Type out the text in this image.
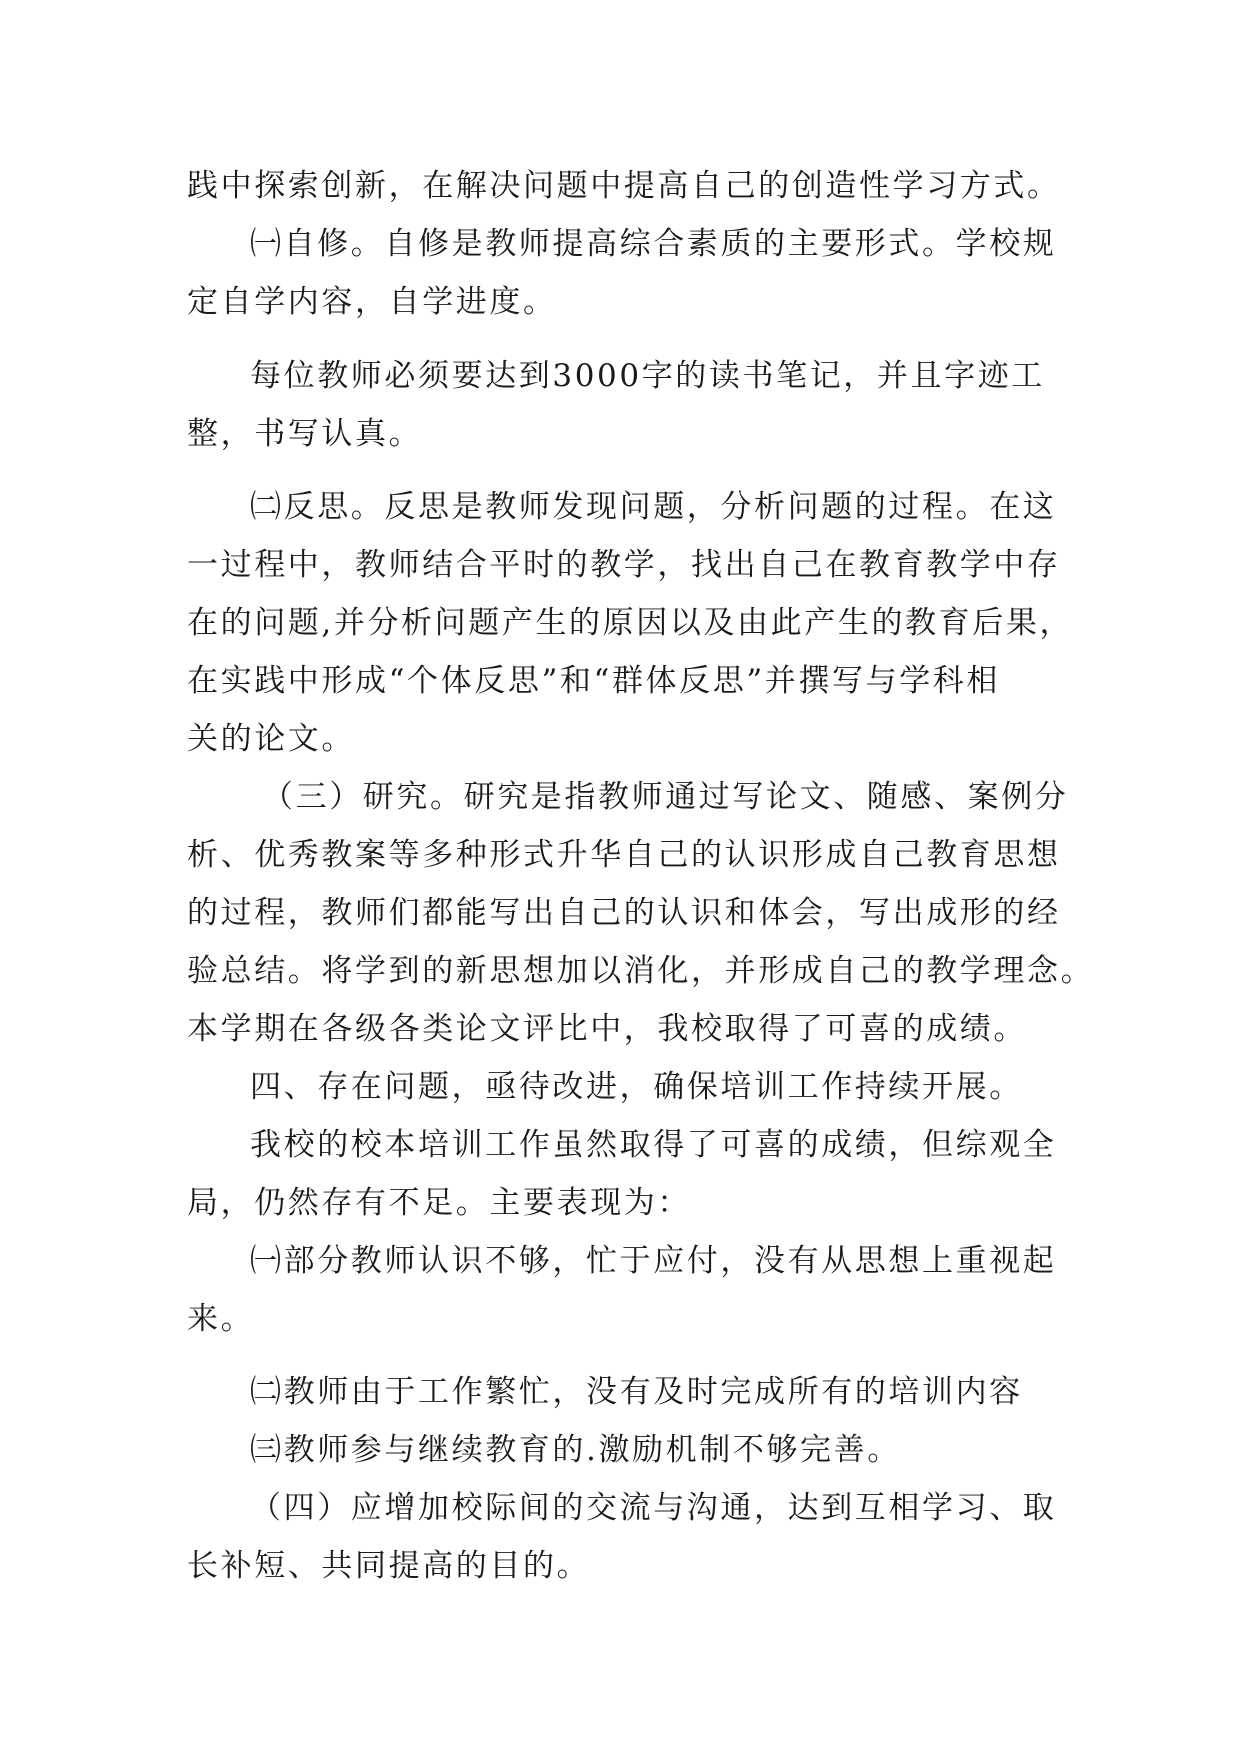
践中探索创新，在解决问题中提高自己的创造性学习方式。
㈠自修。自修是教师提高综合素质的主要形式。学校规
定自学内容，自学进度。
每位教师必须要达到3000字的读书笔记，并且字迹工
整，书写认真。
㈡反思。反思是教师发现问题，分析问题的过程。在这
一过程中，教师结合平时的教学，找出自己在教育教学中存
在的问题,并分析问题产生的原因以及由此产生的教育后果，
在实践中形成“个体反思”和“群体反思”并撰写与学科相
关的论文。
（三）研究。研究是指教师通过写论文、随感、案例分
析、优秀教案等多种形式升华自己的认识形成自己教育思想
的过程，教师们都能写出自己的认识和体会，写出成形的经
验总结。将学到的新思想加以消化，并形成自己的教学理念。
本学期在各级各类论文评比中，我校取得了可喜的成绩。
四、存在问题，亟待改进，确保培训工作持续开展。
我校的校本培训工作虽然取得了可喜的成绩，但综观全
局，仍然存有不足。主要表现为：
㈠部分教师认识不够，忙于应付，没有从思想上重视起
来。
㈡教师由于工作繁忙，没有及时完成所有的培训内容
㈢教师参与继续教育的.激励机制不够完善。
（四）应增加校际间的交流与沟通，达到互相学习、取
长补短、共同提高的目的。
